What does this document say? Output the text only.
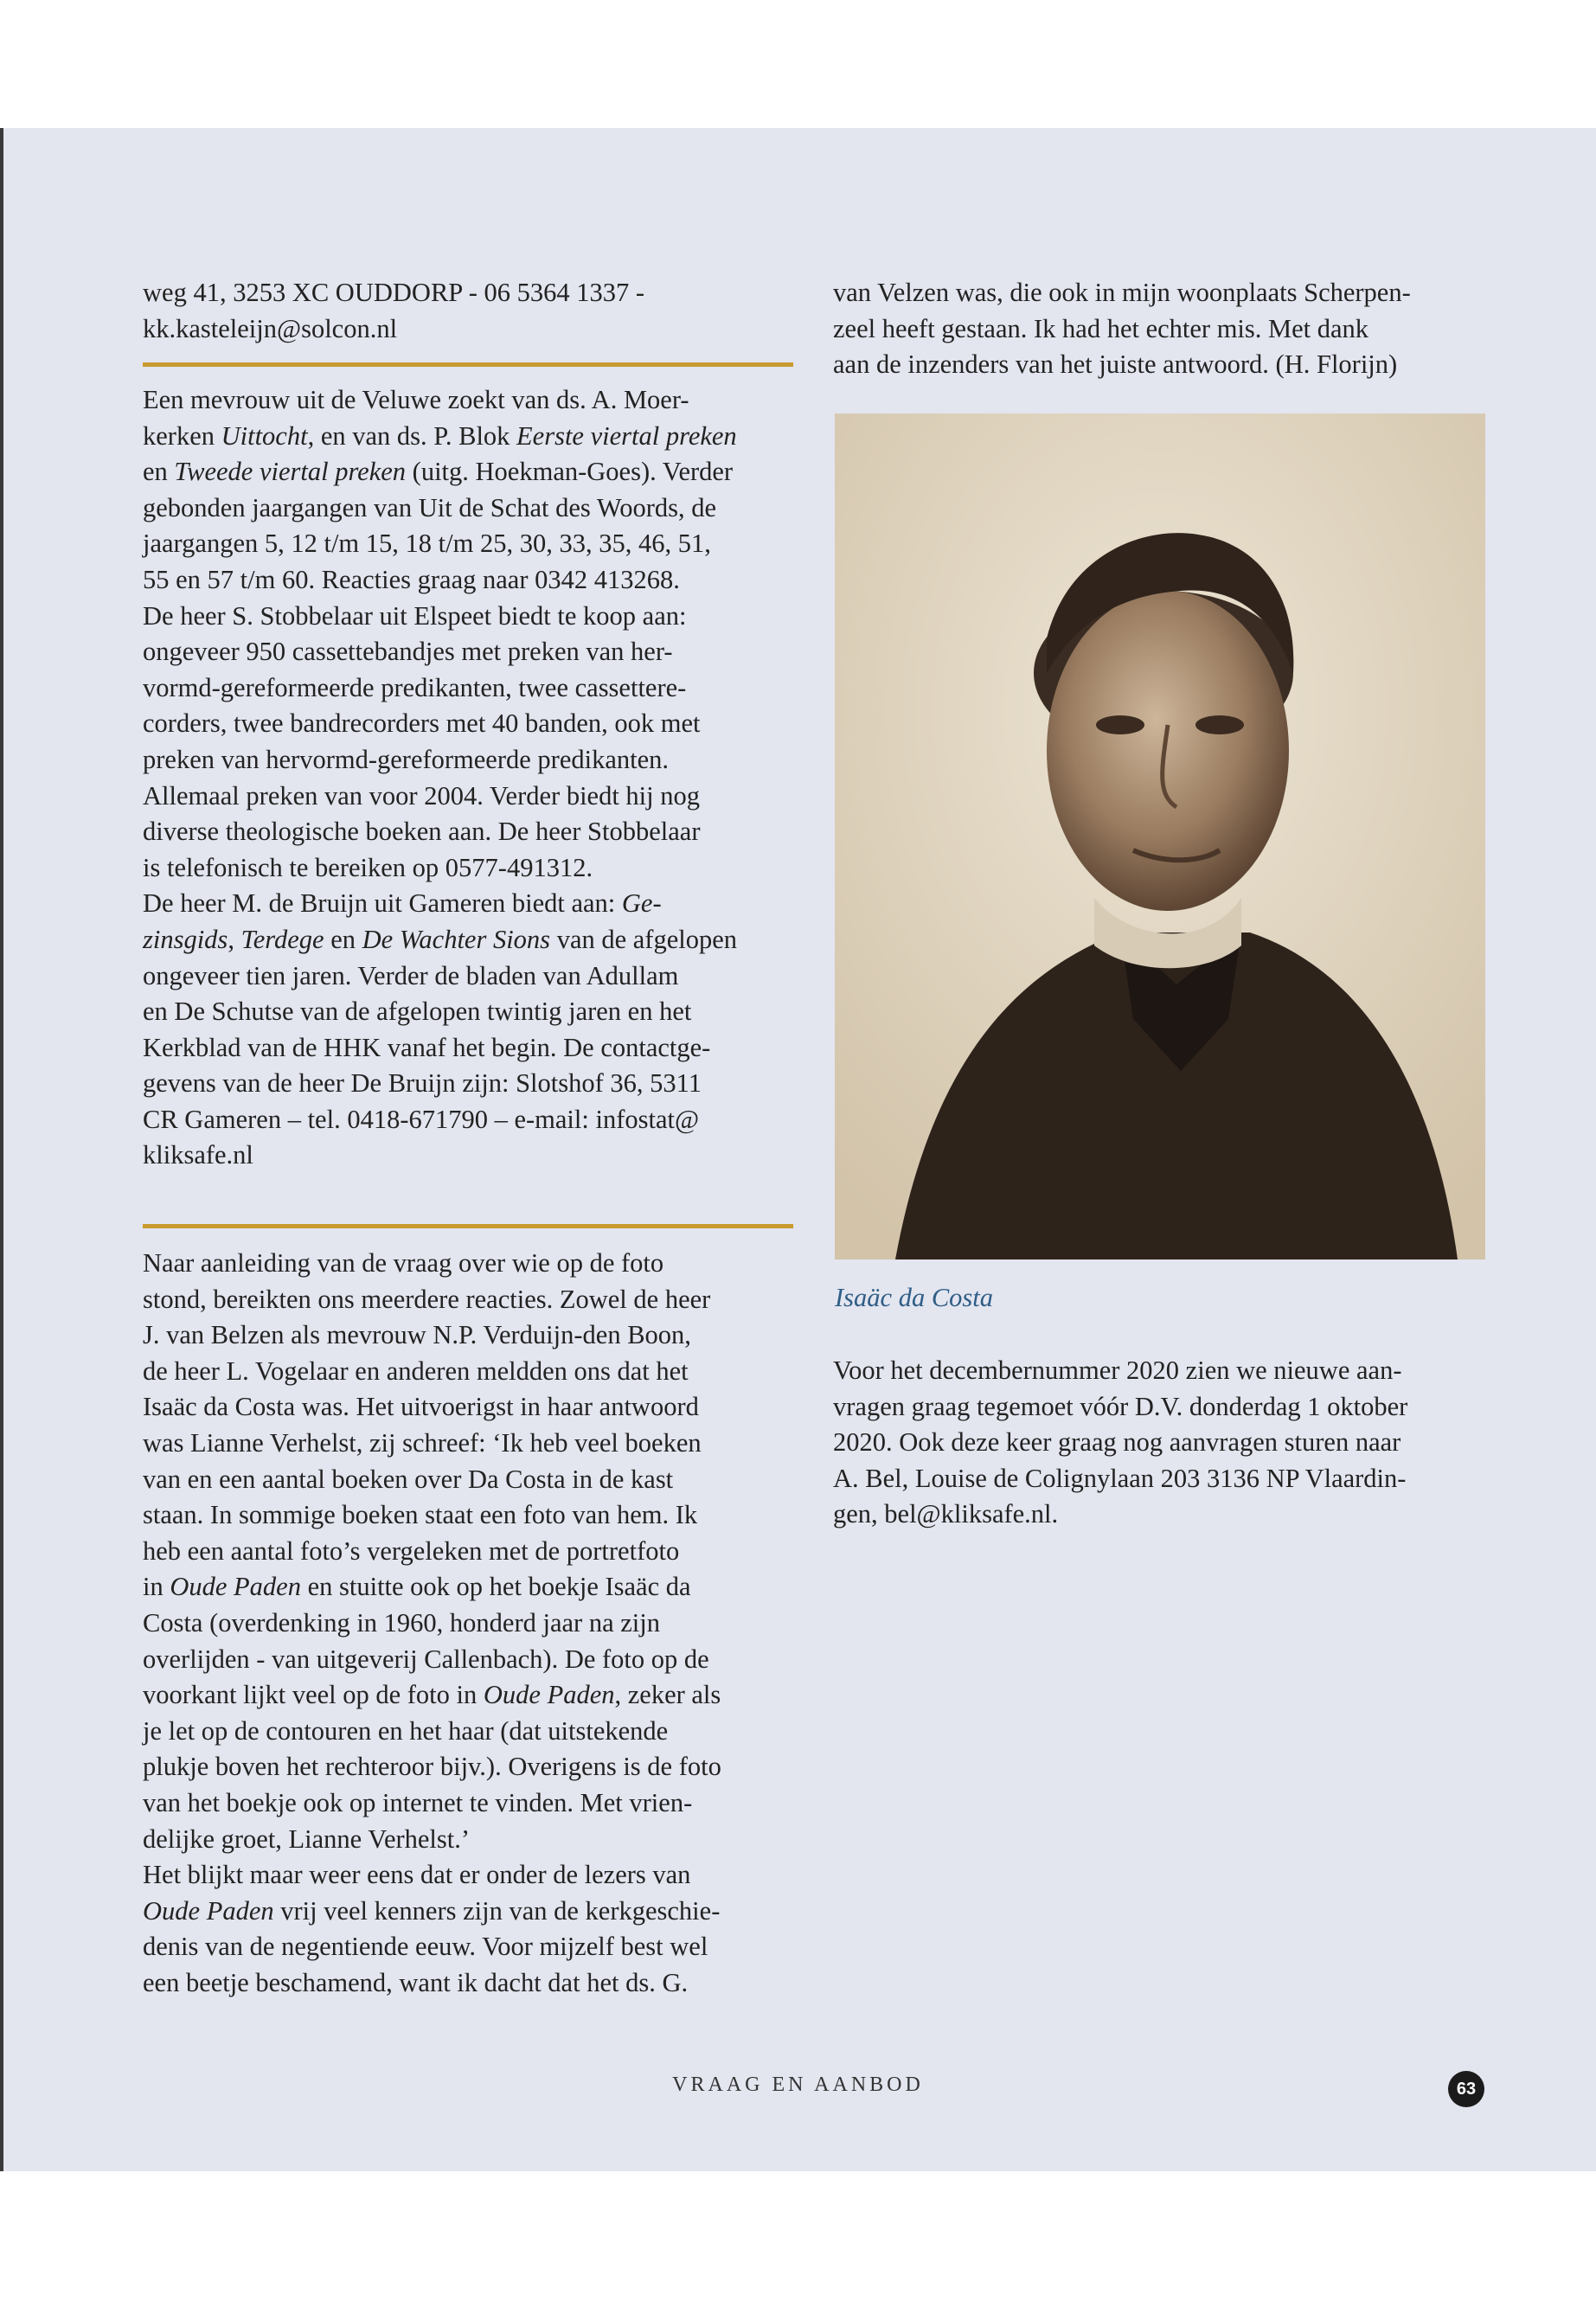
weg 41, 3253 XC OUDDORP - 06 5364 1337 -

kk.kasteleijn@solcon.nl

Een mevrouw uit de Veluwe zoekt van ds. A. Moer-

kerken Uittocht, en van ds. P. Blok Eerste viertal preken

en Tweede viertal preken (uitg. Hoekman-Goes). Verder

gebonden jaargangen van Uit de Schat des Woords, de

jaargangen 5, 12 t/m 15, 18 t/m 25, 30, 33, 35, 46, 51,

55 en 57 t/m 60. Reacties graag naar 0342 413268.

De heer S. Stobbelaar uit Elspeet biedt te koop aan:

ongeveer 950 cassettebandjes met preken van her-

vormd-gereformeerde predikanten, twee cassettere-

corders, twee bandrecorders met 40 banden, ook met

preken van hervormd-gereformeerde predikanten.

Allemaal preken van voor 2004. Verder biedt hij nog

diverse theologische boeken aan. De heer Stobbelaar

is telefonisch te bereiken op 0577-491312.

De heer M. de Bruijn uit Gameren biedt aan: Ge-

zinsgids, Terdege en De Wachter Sions van de afgelopen

ongeveer tien jaren. Verder de bladen van Adullam

en De Schutse van de afgelopen twintig jaren en het

Kerkblad van de HHK vanaf het begin. De contactge-

gevens van de heer De Bruijn zijn: Slotshof 36, 5311

CR Gameren – tel. 0418-671790 – e-mail: infostat@

kliksafe.nl

Naar aanleiding van de vraag over wie op de foto

stond, bereikten ons meerdere reacties. Zowel de heer

J. van Belzen als mevrouw N.P. Verduijn-den Boon,

de heer L. Vogelaar en anderen meldden ons dat het

Isaäc da Costa was. Het uitvoerigst in haar antwoord

was Lianne Verhelst, zij schreef: ‘Ik heb veel boeken

van en een aantal boeken over Da Costa in de kast

staan. In sommige boeken staat een foto van hem. Ik

heb een aantal foto’s vergeleken met de portretfoto

in Oude Paden en stuitte ook op het boekje Isaäc da

Costa (overdenking in 1960, honderd jaar na zijn

overlijden - van uitgeverij Callenbach). De foto op de

voorkant lijkt veel op de foto in Oude Paden, zeker als

je let op de contouren en het haar (dat uitstekende

plukje boven het rechteroor bijv.). Overigens is de foto

van het boekje ook op internet te vinden. Met vrien-

delijke groet, Lianne Verhelst.’

Het blijkt maar weer eens dat er onder de lezers van

Oude Paden vrij veel kenners zijn van de kerkgeschie-

denis van de negentiende eeuw. Voor mijzelf best wel

een beetje beschamend, want ik dacht dat het ds. G.

van Velzen was, die ook in mijn woonplaats Scherpen-

zeel heeft gestaan. Ik had het echter mis. Met dank

aan de inzenders van het juiste antwoord. (H. Florijn)

Isaäc da Costa

Voor het decembernummer 2020 zien we nieuwe aan-

vragen graag tegemoet vóór D.V. donderdag 1 oktober

2020. Ook deze keer graag nog aanvragen sturen naar

A. Bel, Louise de Colignylaan 203 3136 NP Vlaardin-

gen, bel@kliksafe.nl.

VRAAG EN AANBOD	63
